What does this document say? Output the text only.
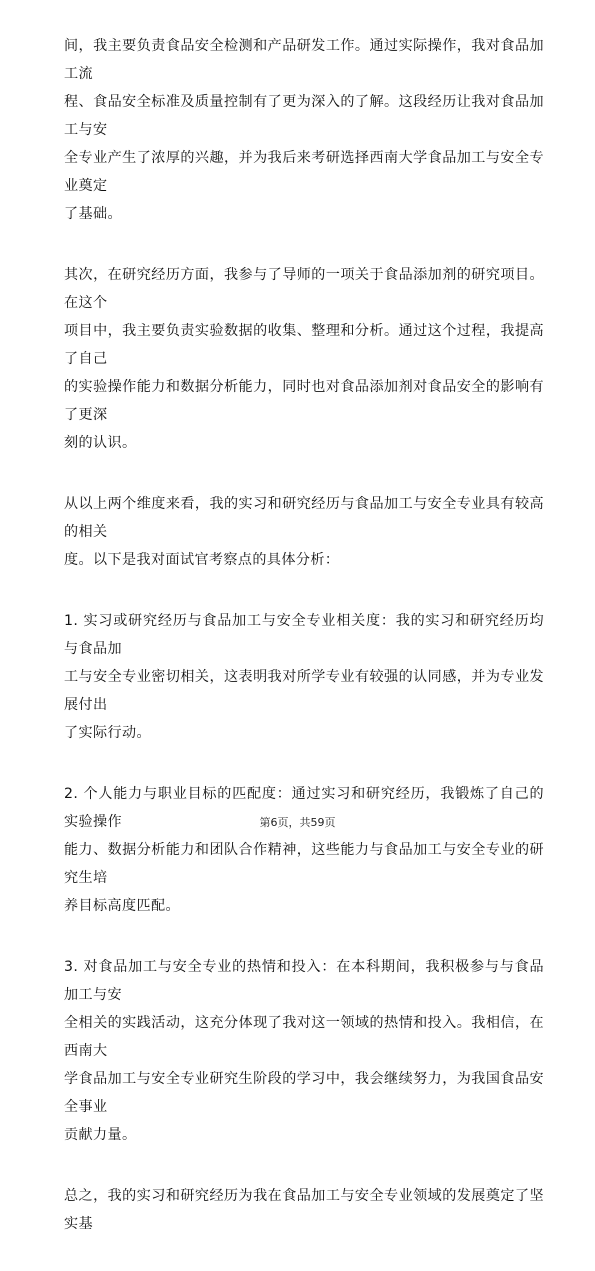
间，我主要负责食品安全检测和产品研发工作。通过实际操作，我对食品加工流
程、食品安全标准及质量控制有了更为深入的了解。这段经历让我对食品加工与安
全专业产生了浓厚的兴趣，并为我后来考研选择西南大学食品加工与安全专业奠定
了基础。

其次，在研究经历方面，我参与了导师的一项关于食品添加剂的研究项目。在这个
项目中，我主要负责实验数据的收集、整理和分析。通过这个过程，我提高了自己
的实验操作能力和数据分析能力，同时也对食品添加剂对食品安全的影响有了更深
刻的认识。

从以上两个维度来看，我的实习和研究经历与食品加工与安全专业具有较高的相关
度。以下是我对面试官考察点的具体分析：

1. 实习或研究经历与食品加工与安全专业相关度：我的实习和研究经历均与食品加
工与安全专业密切相关，这表明我对所学专业有较强的认同感，并为专业发展付出
了实际行动。

2. 个人能力与职业目标的匹配度：通过实习和研究经历，我锻炼了自己的实验操作
能力、数据分析能力和团队合作精神，这些能力与食品加工与安全专业的研究生培
养目标高度匹配。

3. 对食品加工与安全专业的热情和投入：在本科期间，我积极参与与食品加工与安
全相关的实践活动，这充分体现了我对这一领域的热情和投入。我相信，在西南大
学食品加工与安全专业研究生阶段的学习中，我会继续努力，为我国食品安全事业
贡献力量。

总之，我的实习和研究经历为我在食品加工与安全专业领域的发展奠定了坚实基

第6页，共59页
